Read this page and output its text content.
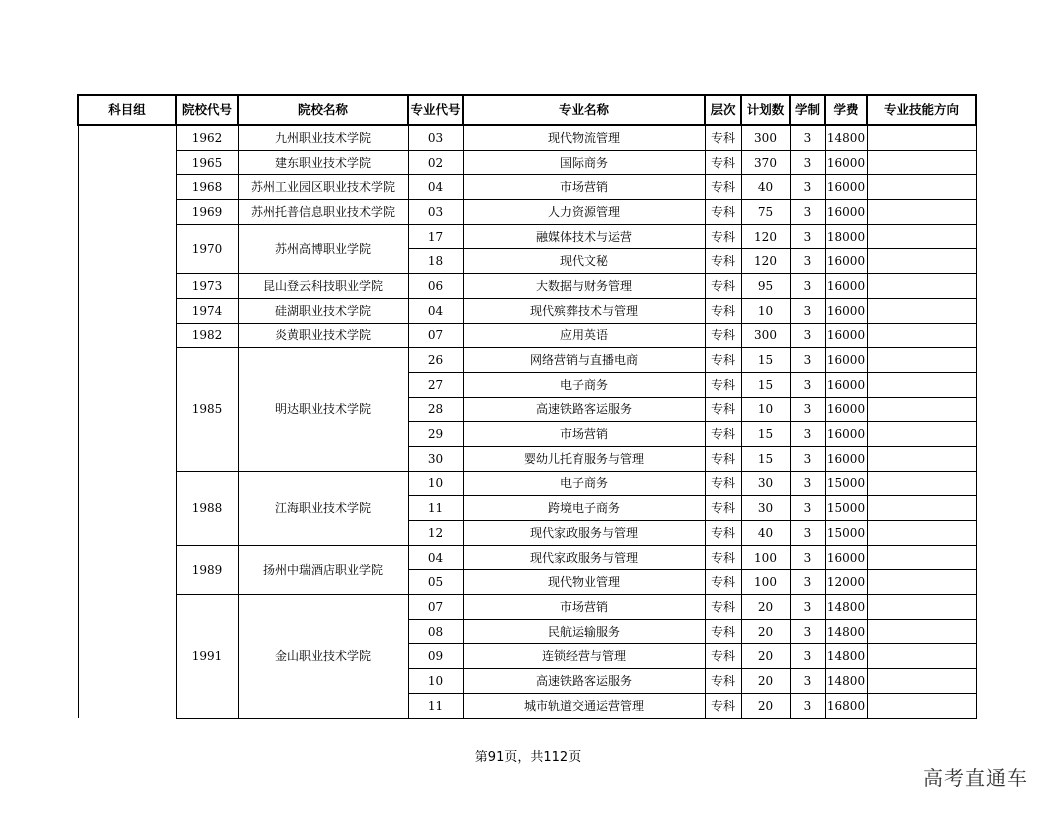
科目组	院校代号	院校名称	专业代号	专业名称	层次	计划数	学制	学费	专业技能方向
	1962	九州职业技术学院	03	现代物流管理	专科	300	3	14800	
	1965	建东职业技术学院	02	国际商务	专科	370	3	16000	
	1968	苏州工业园区职业技术学院	04	市场营销	专科	40	3	16000	
	1969	苏州托普信息职业技术学院	03	人力资源管理	专科	75	3	16000	
	1970	苏州高博职业学院	17	融媒体技术与运营	专科	120	3	18000	
			18	现代文秘	专科	120	3	16000	
	1973	昆山登云科技职业学院	06	大数据与财务管理	专科	95	3	16000	
	1974	硅湖职业技术学院	04	现代殡葬技术与管理	专科	10	3	16000	
	1982	炎黄职业技术学院	07	应用英语	专科	300	3	16000	
	1985	明达职业技术学院	26	网络营销与直播电商	专科	15	3	16000	
			27	电子商务	专科	15	3	16000	
			28	高速铁路客运服务	专科	10	3	16000	
			29	市场营销	专科	15	3	16000	
			30	婴幼儿托育服务与管理	专科	15	3	16000	
	1988	江海职业技术学院	10	电子商务	专科	30	3	15000	
			11	跨境电子商务	专科	30	3	15000	
			12	现代家政服务与管理	专科	40	3	15000	
	1989	扬州中瑞酒店职业学院	04	现代家政服务与管理	专科	100	3	16000	
			05	现代物业管理	专科	100	3	12000	
	1991	金山职业技术学院	07	市场营销	专科	20	3	14800	
			08	民航运输服务	专科	20	3	14800	
			09	连锁经营与管理	专科	20	3	14800	
			10	高速铁路客运服务	专科	20	3	14800	
			11	城市轨道交通运营管理	专科	20	3	16800	
第91页，共112页
高考直通车
